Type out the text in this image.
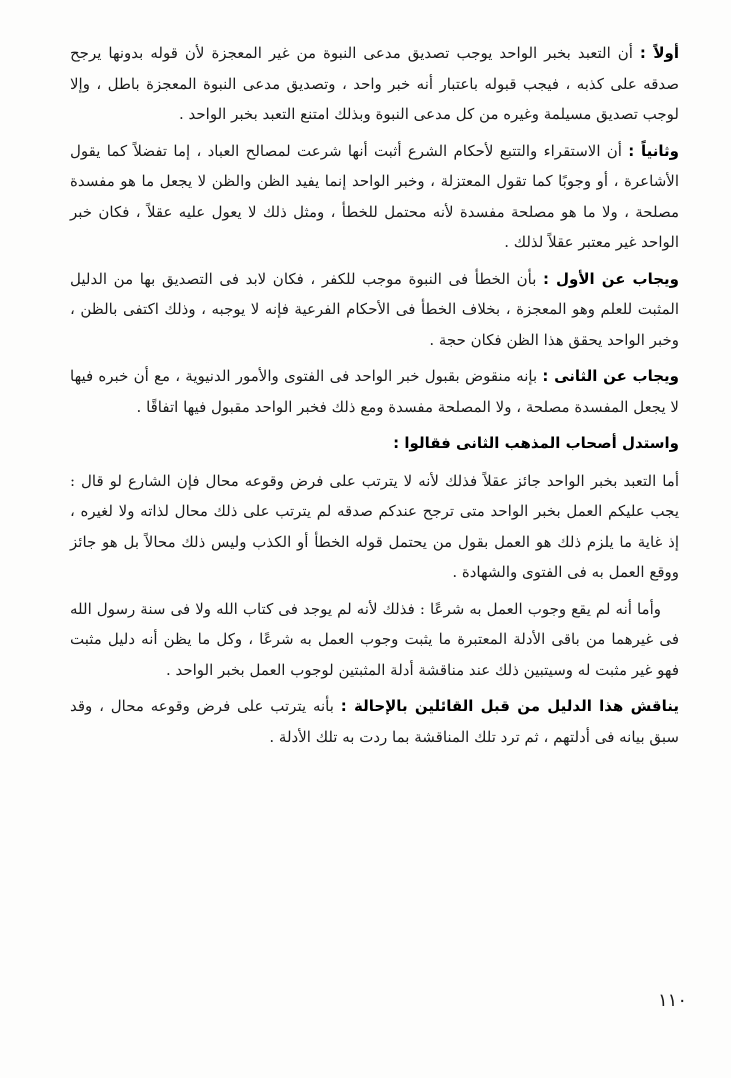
أولاً : أن التعبد بخبر الواحد يوجب تصديق مدعى النبوة من غير المعجزة لأن قوله بدونها يرجح صدقه على كذبه ، فيجب قبوله باعتبار أنه خبر واحد ، وتصديق مدعى النبوة المعجزة باطل ، وإلا لوجب تصديق مسيلمة وغيره من كل مدعى النبوة وبذلك امتنع التعبد بخبر الواحد .

وثانياً : أن الاستقراء والتتبع لأحكام الشرع أثبت أنها شرعت لمصالح العباد ، إما تفضلاً كما يقول الأشاعرة ، أو وجوبًا كما تقول المعتزلة ، وخبر الواحد إنما يفيد الظن والظن لا يجعل ما هو مفسدة مصلحة ، ولا ما هو مصلحة مفسدة لأنه محتمل للخطأ ، ومثل ذلك لا يعول عليه عقلاً ، فكان خبر الواحد غير معتبر عقلاً لذلك .

ويجاب عن الأول : بأن الخطأ فى النبوة موجب للكفر ، فكان لابد فى التصديق بها من الدليل المثبت للعلم وهو المعجزة ، بخلاف الخطأ فى الأحكام الفرعية فإنه لا يوجبه ، وذلك اكتفى بالظن ، وخبر الواحد يحقق هذا الظن فكان حجة .

ويجاب عن الثانى : بإنه منقوض بقبول خبر الواحد فى الفتوى والأمور الدنيوية ، مع أن خبره فيها لا يجعل المفسدة مصلحة ، ولا المصلحة مفسدة ومع ذلك فخبر الواحد مقبول فيها اتفاقًا .

واستدل أصحاب المذهب الثانى فقالوا :

أما التعبد بخبر الواحد جائز عقلاً فذلك لأنه لا يترتب على فرض وقوعه محال فإن الشارع لو قال : يجب عليكم العمل بخبر الواحد متى ترجح عندكم صدقه لم يترتب على ذلك محال لذاته ولا لغيره ، إذ غاية ما يلزم ذلك هو العمل بقول من يحتمل قوله الخطأ أو الكذب وليس ذلك محالاً بل هو جائز ووقع العمل به فى الفتوى والشهادة .

وأما أنه لم يقع وجوب العمل به شرعًا : فذلك لأنه لم يوجد فى كتاب الله ولا فى سنة رسول الله فى غيرهما من باقى الأدلة المعتبرة ما يثبت وجوب العمل به شرعًا ، وكل ما يظن أنه دليل مثبت فهو غير مثبت له وسيتبين ذلك عند مناقشة أدلة المثبتين لوجوب العمل بخبر الواحد .

يناقش هذا الدليل من قبل القائلين بالإحالة : بأنه يترتب على فرض وقوعه محال ، وقد سبق بيانه فى أدلتهم ، ثم ترد تلك المناقشة بما ردت به تلك الأدلة .

١١٠
